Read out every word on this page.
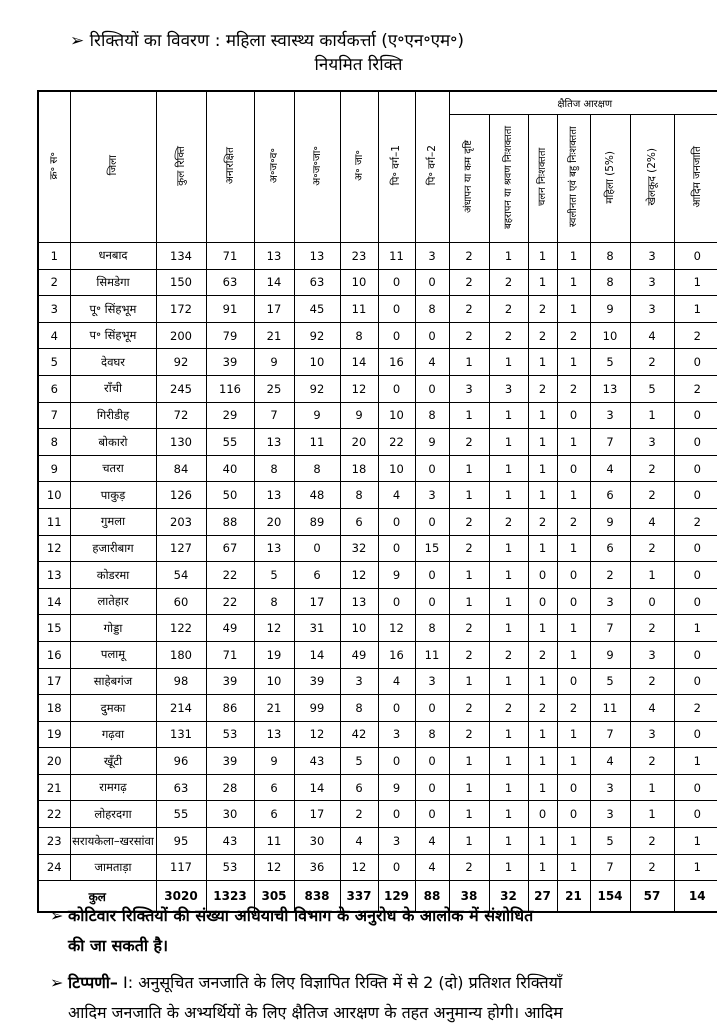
➢ रिक्तियों का विवरण : महिला स्वास्थ्य कार्यकर्त्ता (ए॰एन॰एम॰)
नियमित रिक्ति
क्र॰ स॰	जिला	कुल रिक्ति	अनारक्षित	अ॰ज॰व॰	अ॰ज॰जा॰	अ॰ जा॰	पि॰ वर्ग–1	पि॰ वर्ग–2	क्षैतिज आरक्षण						
									अंधापन या कम दृष्टि	बहरापन या श्रवण निःशक्तता	चलन निःशक्तता	स्वलीनता एवं बहु निःशक्तता	महिला (5%)	खेलकूद (2%)	आदिम जनजाति
1	धनबाद	134	71	13	13	23	11	3	2	1	1	1	8	3	0
2	सिमडेगा	150	63	14	63	10	0	0	2	2	1	1	8	3	1
3	पू॰ सिंहभूम	172	91	17	45	11	0	8	2	2	2	1	9	3	1
4	प॰ सिंहभूम	200	79	21	92	8	0	0	2	2	2	2	10	4	2
5	देवघर	92	39	9	10	14	16	4	1	1	1	1	5	2	0
6	राँची	245	116	25	92	12	0	0	3	3	2	2	13	5	2
7	गिरीडीह	72	29	7	9	9	10	8	1	1	1	0	3	1	0
8	बोकारो	130	55	13	11	20	22	9	2	1	1	1	7	3	0
9	चतरा	84	40	8	8	18	10	0	1	1	1	0	4	2	0
10	पाकुड़	126	50	13	48	8	4	3	1	1	1	1	6	2	0
11	गुमला	203	88	20	89	6	0	0	2	2	2	2	9	4	2
12	हजारीबाग	127	67	13	0	32	0	15	2	1	1	1	6	2	0
13	कोडरमा	54	22	5	6	12	9	0	1	1	0	0	2	1	0
14	लातेहार	60	22	8	17	13	0	0	1	1	0	0	3	0	0
15	गोड्डा	122	49	12	31	10	12	8	2	1	1	1	7	2	1
16	पलामू	180	71	19	14	49	16	11	2	2	2	1	9	3	0
17	साहेबगंज	98	39	10	39	3	4	3	1	1	1	0	5	2	0
18	दुमका	214	86	21	99	8	0	0	2	2	2	2	11	4	2
19	गढ़वा	131	53	13	12	42	3	8	2	1	1	1	7	3	0
20	खूँटी	96	39	9	43	5	0	0	1	1	1	1	4	2	1
21	रामगढ़	63	28	6	14	6	9	0	1	1	1	0	3	1	0
22	लोहरदगा	55	30	6	17	2	0	0	1	1	0	0	3	1	0
23	सरायकेला–खरसांवा	95	43	11	30	4	3	4	1	1	1	1	5	2	1
24	जामताड़ा	117	53	12	36	12	0	4	2	1	1	1	7	2	1
कुल		3020	1323	305	838	337	129	88	38	32	27	21	154	57	14
➢ कोटिवार रिक्तियों की संख्या अधियाची विभाग के अनुरोध के आलोक में संशोधित
की जा सकती है।
➢ टिप्पणी– I: अनुसूचित जनजाति के लिए विज्ञापित रिक्ति में से 2 (दो) प्रतिशत रिक्तियाँ
आदिम जनजाति के अभ्यर्थियों के लिए क्षैतिज आरक्षण के तहत अनुमान्य होगी। आदिम
